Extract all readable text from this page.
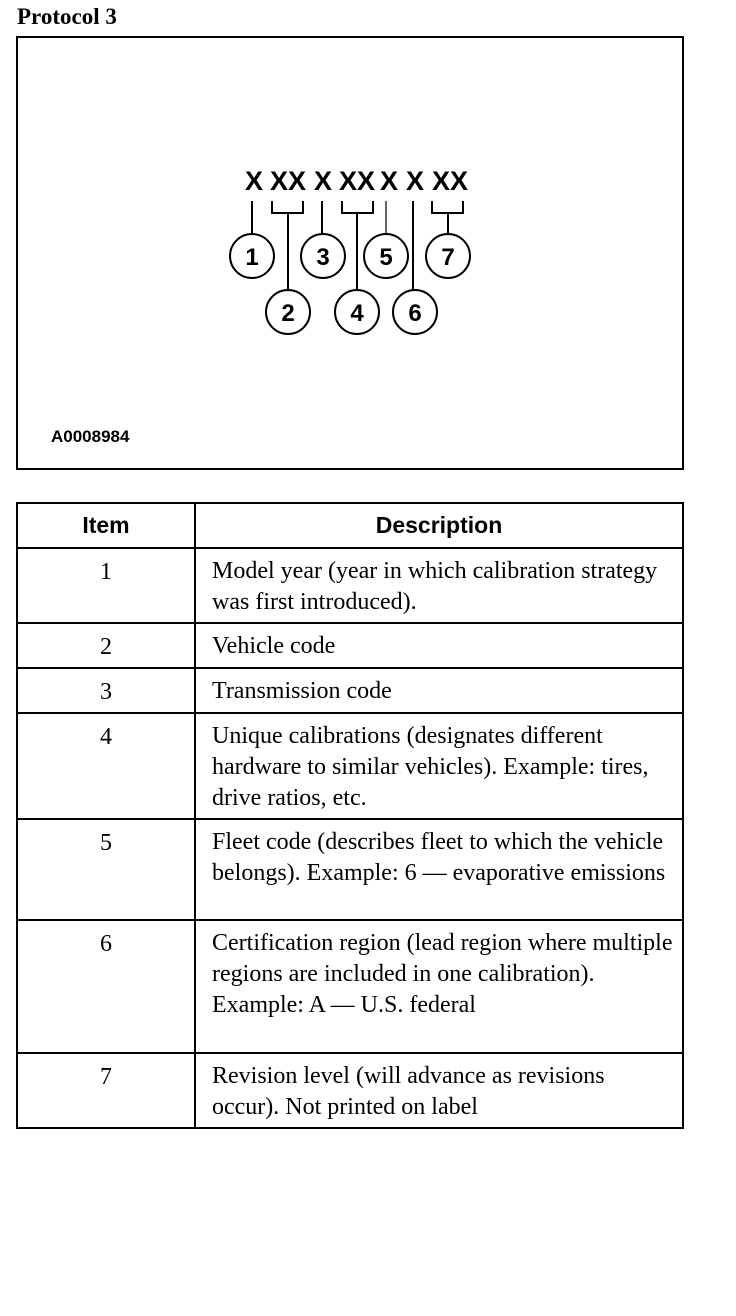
Protocol 3
X XX X XX X X XX
1
2
3
4
5
6
7
A0008984
Item	Description
1	Model year (year in which calibration strategy was first introduced).
2	Vehicle code
3	Transmission code
4	Unique calibrations (designates different hardware to similar vehicles). Example: tires, drive ratios, etc.
5	Fleet code (describes fleet to which the vehicle belongs). Example: 6 — evaporative emissions
6	Certification region (lead region where multiple regions are included in one calibration). Example: A — U.S. federal
7	Revision level (will advance as revisions occur). Not printed on label
